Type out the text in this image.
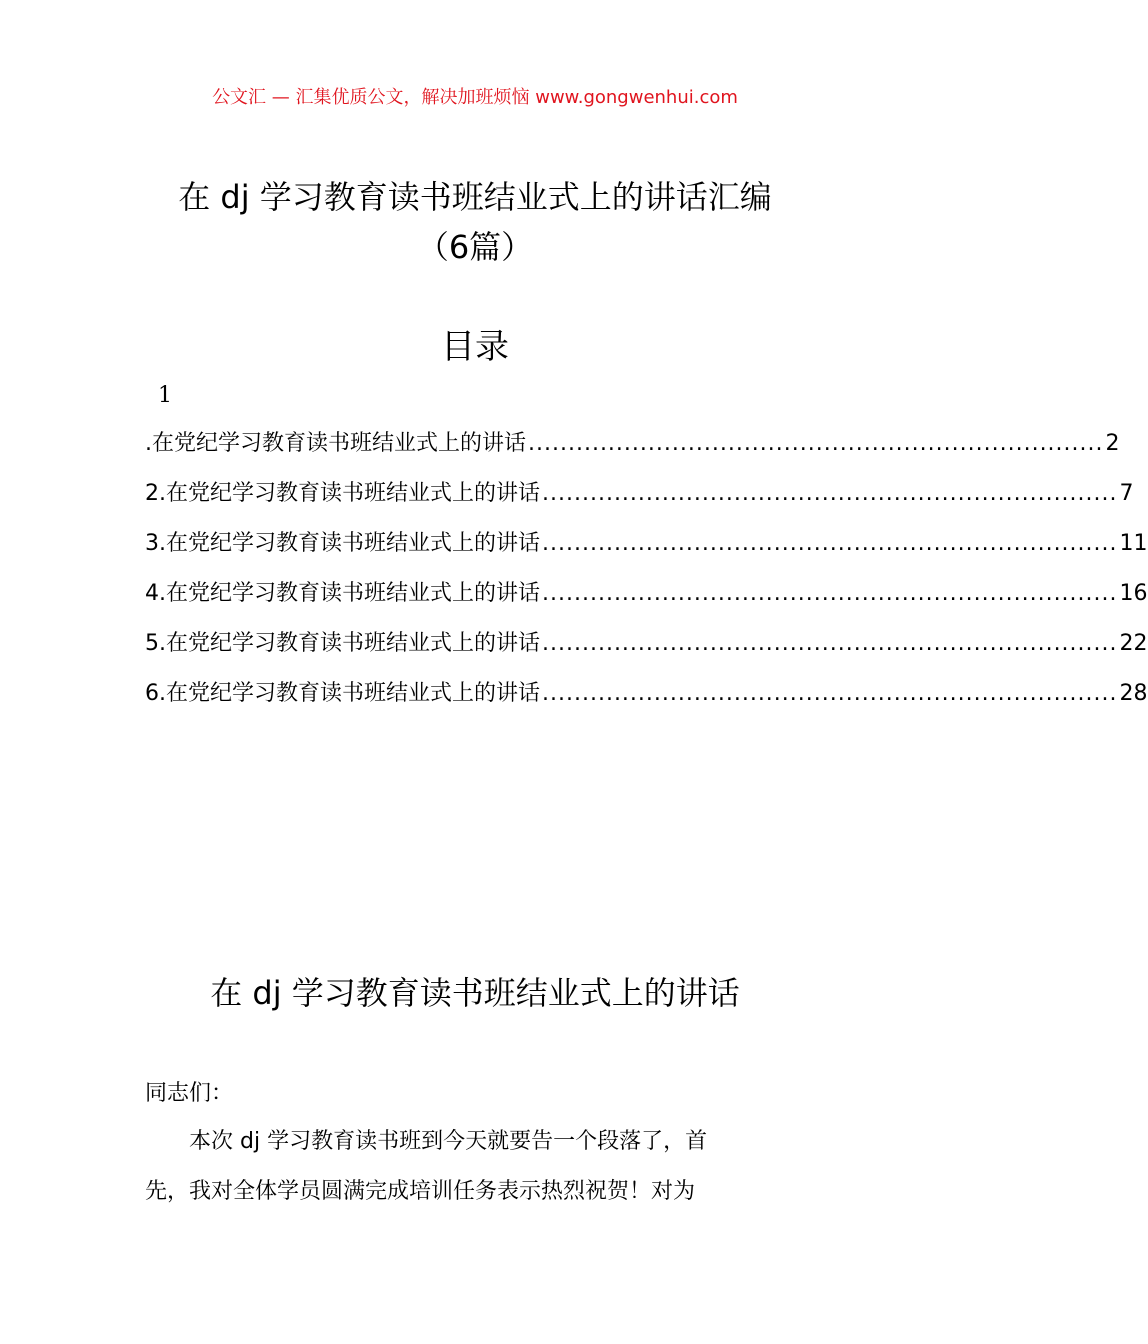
公文汇 — 汇集优质公文，解决加班烦恼 www.gongwenhui.com
在 dj 学习教育读书班结业式上的讲话汇编
（6篇）
目录
1
.在党纪学习教育读书班结业式上的讲话 ........................................................................ 2
2.在党纪学习教育读书班结业式上的讲话 ........................................................................ 7
3.在党纪学习教育读书班结业式上的讲话 ........................................................................ 11
4.在党纪学习教育读书班结业式上的讲话 ........................................................................ 16
5.在党纪学习教育读书班结业式上的讲话 ........................................................................ 22
6.在党纪学习教育读书班结业式上的讲话 ........................................................................ 28
在 dj 学习教育读书班结业式上的讲话
同志们：
本次 dj 学习教育读书班到今天就要告一个段落了，首
先，我对全体学员圆满完成培训任务表示热烈祝贺！对为
